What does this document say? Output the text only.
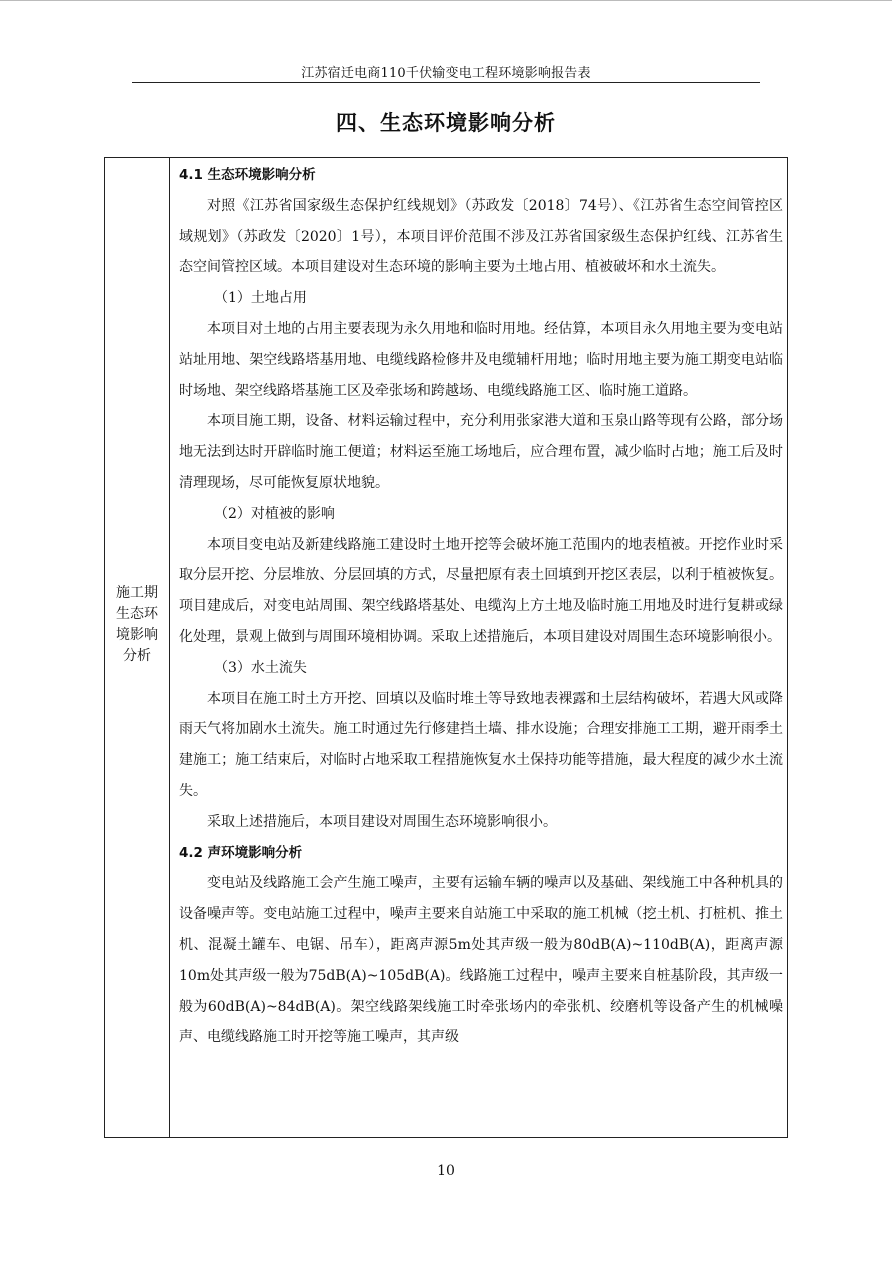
江苏宿迁电商110千伏输变电工程环境影响报告表
四、生态环境影响分析
施工期
生态环
境影响
分析
4.1 生态环境影响分析

对照《江苏省国家级生态保护红线规划》（苏政发〔2018〕74号）、《江苏省生态空间管控区域规划》（苏政发〔2020〕1号），本项目评价范围不涉及江苏省国家级生态保护红线、江苏省生态空间管控区域。本项目建设对生态环境的影响主要为土地占用、植被破坏和水土流失。

（1）土地占用

本项目对土地的占用主要表现为永久用地和临时用地。经估算，本项目永久用地主要为变电站站址用地、架空线路塔基用地、电缆线路检修井及电缆辅杆用地；临时用地主要为施工期变电站临时场地、架空线路塔基施工区及牵张场和跨越场、电缆线路施工区、临时施工道路。

本项目施工期，设备、材料运输过程中，充分利用张家港大道和玉泉山路等现有公路，部分场地无法到达时开辟临时施工便道；材料运至施工场地后，应合理布置，减少临时占地；施工后及时清理现场，尽可能恢复原状地貌。

（2）对植被的影响

本项目变电站及新建线路施工建设时土地开挖等会破坏施工范围内的地表植被。开挖作业时采取分层开挖、分层堆放、分层回填的方式，尽量把原有表土回填到开挖区表层，以利于植被恢复。项目建成后，对变电站周围、架空线路塔基处、电缆沟上方土地及临时施工用地及时进行复耕或绿化处理，景观上做到与周围环境相协调。采取上述措施后，本项目建设对周围生态环境影响很小。

（3）水土流失

本项目在施工时土方开挖、回填以及临时堆土等导致地表裸露和土层结构破坏，若遇大风或降雨天气将加剧水土流失。施工时通过先行修建挡土墙、排水设施；合理安排施工工期，避开雨季土建施工；施工结束后，对临时占地采取工程措施恢复水土保持功能等措施，最大程度的减少水土流失。

采取上述措施后，本项目建设对周围生态环境影响很小。

4.2 声环境影响分析

变电站及线路施工会产生施工噪声，主要有运输车辆的噪声以及基础、架线施工中各种机具的设备噪声等。变电站施工过程中，噪声主要来自站施工中采取的施工机械（挖土机、打桩机、推土机、混凝土罐车、电锯、吊车），距离声源5m处其声级一般为80dB(A)~110dB(A)，距离声源10m处其声级一般为75dB(A)~105dB(A)。线路施工过程中，噪声主要来自桩基阶段，其声级一般为60dB(A)~84dB(A)。架空线路架线施工时牵张场内的牵张机、绞磨机等设备产生的机械噪声、电缆线路施工时开挖等施工噪声，其声级

10
